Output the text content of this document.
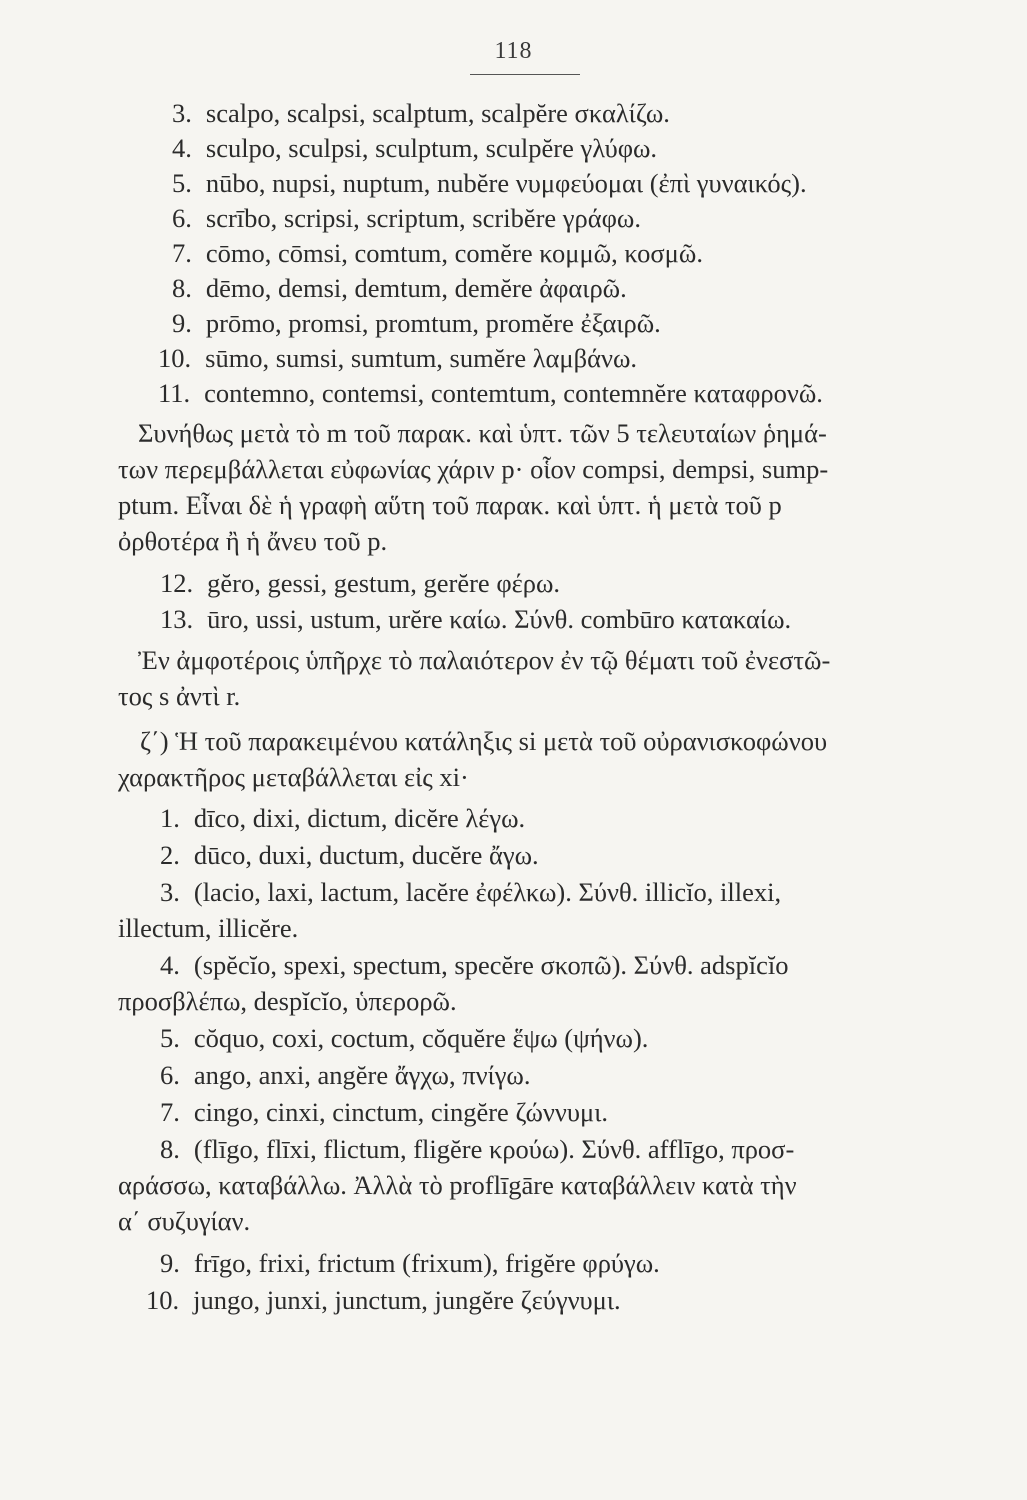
118
3. scalpo, scalpsi, scalptum, scalpĕre σκαλίζω.
4. sculpo, sculpsi, sculptum, sculpĕre γλύφω.
5. nūbo, nupsi, nuptum, nubĕre νυμφεύομαι (ἐπὶ γυναικός).
6. scrībo, scripsi, scriptum, scribĕre γράφω.
7. cōmo, cōmsi, comtum, comĕre κομμῶ, κοσμῶ.
8. dēmo, demsi, demtum, demĕre ἀφαιρῶ.
9. prōmo, promsi, promtum, promĕre ἐξαιρῶ.
10. sūmo, sumsi, sumtum, sumĕre λαμβάνω.
11. contemno, contemsi, contemtum, contemnĕre καταφρονῶ.
Συνήθως μετὰ τὸ m τοῦ παρακ. καὶ ὑπτ. τῶν 5 τελευταίων ῥημά-
των περεμβάλλεται εὐφωνίας χάριν p· οἷον compsi, dempsi, sump-
ptum. Εἶναι δὲ ἡ γραφὴ αὕτη τοῦ παρακ. καὶ ὑπτ. ἡ μετὰ τοῦ p
ὀρθοτέρα ἢ ἡ ἄνευ τοῦ p.
12. gĕro, gessi, gestum, gerĕre φέρω.
13. ūro, ussi, ustum, urĕre καίω. Σύνθ. combūro κατακαίω.
Ἐν ἀμφοτέροις ὑπῆρχε τὸ παλαιότερον ἐν τῷ θέματι τοῦ ἐνεστῶ-
τος s ἀντὶ r.
ζ΄) Ἡ τοῦ παρακειμένου κατάληξις si μετὰ τοῦ οὐρανισκοφώνου
χαρακτῆρος μεταβάλλεται εἰς xi·
1. dīco, dixi, dictum, dicĕre λέγω.
2. dūco, duxi, ductum, ducĕre ἄγω.
3. (lacio, laxi, lactum, lacĕre ἐφέλκω). Σύνθ. illicĭo, illexi,
illectum, illicĕre.
4. (spĕcĭo, spexi, spectum, specĕre σκοπῶ). Σύνθ. adspĭcĭo
προσβλέπω, despĭcĭo, ὑπερορῶ.
5. cŏquo, coxi, coctum, cŏquĕre ἕψω (ψήνω).
6. ango, anxi, angĕre ἄγχω, πνίγω.
7. cingo, cinxi, cinctum, cingĕre ζώννυμι.
8. (flīgo, flīxi, flictum, fligĕre κρούω). Σύνθ. afflīgo, προσ-
αράσσω, καταβάλλω. Ἀλλὰ τὸ proflīgāre καταβάλλειν κατὰ τὴν
α΄ συζυγίαν.
9. frīgo, frixi, frictum (frixum), frigĕre φρύγω.
10. jungo, junxi, junctum, jungĕre ζεύγνυμι.
